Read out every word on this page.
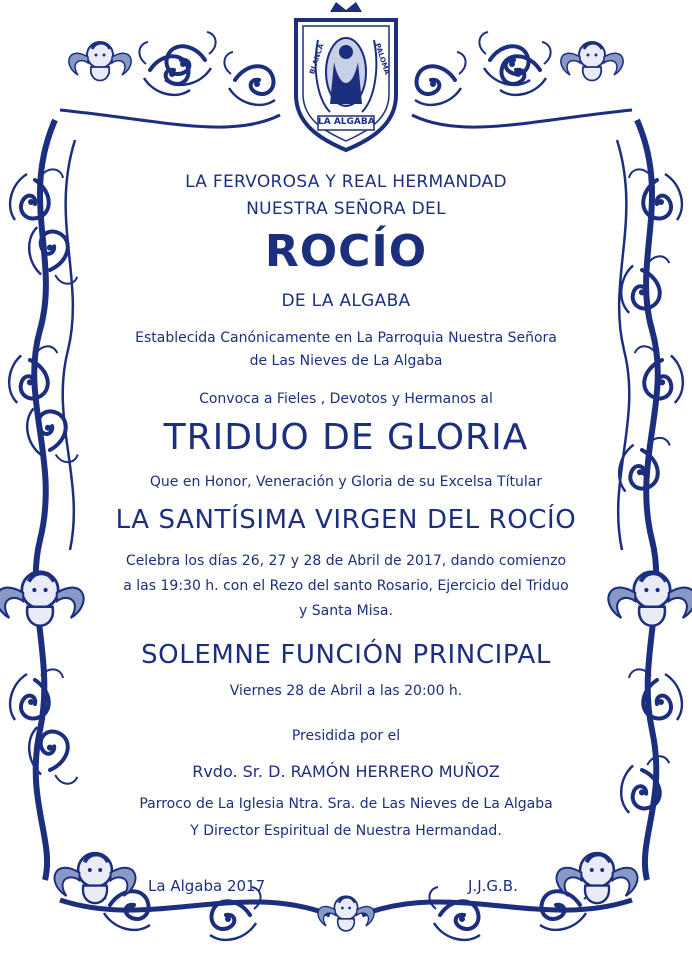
BLANCA	PALOMA
LA ALGABA

LA FERVOROSA Y REAL HERMANDAD

NUESTRA SEÑORA DEL

ROCÍO

DE LA ALGABA

Establecida Canónicamente en La Parroquia Nuestra Señora

de Las Nieves de La Algaba

Convoca a Fieles , Devotos y Hermanos al

TRIDUO DE GLORIA

Que en Honor, Veneración y Gloria de su Excelsa Títular

LA SANTÍSIMA VIRGEN DEL ROCÍO

Celebra los días 26, 27 y 28 de Abril de 2017, dando comienzo

a las 19:30 h. con el Rezo del santo Rosario, Ejercicio del Triduo

y Santa Misa.

SOLEMNE FUNCIÓN PRINCIPAL

Viernes 28 de Abril a las 20:00 h.

Presidida por el

Rvdo. Sr. D. RAMÓN HERRERO MUÑOZ

Parroco de La Iglesia Ntra. Sra. de Las Nieves de La Algaba

Y Director Espiritual de Nuestra Hermandad.

La Algaba 2017	J.J.G.B.
